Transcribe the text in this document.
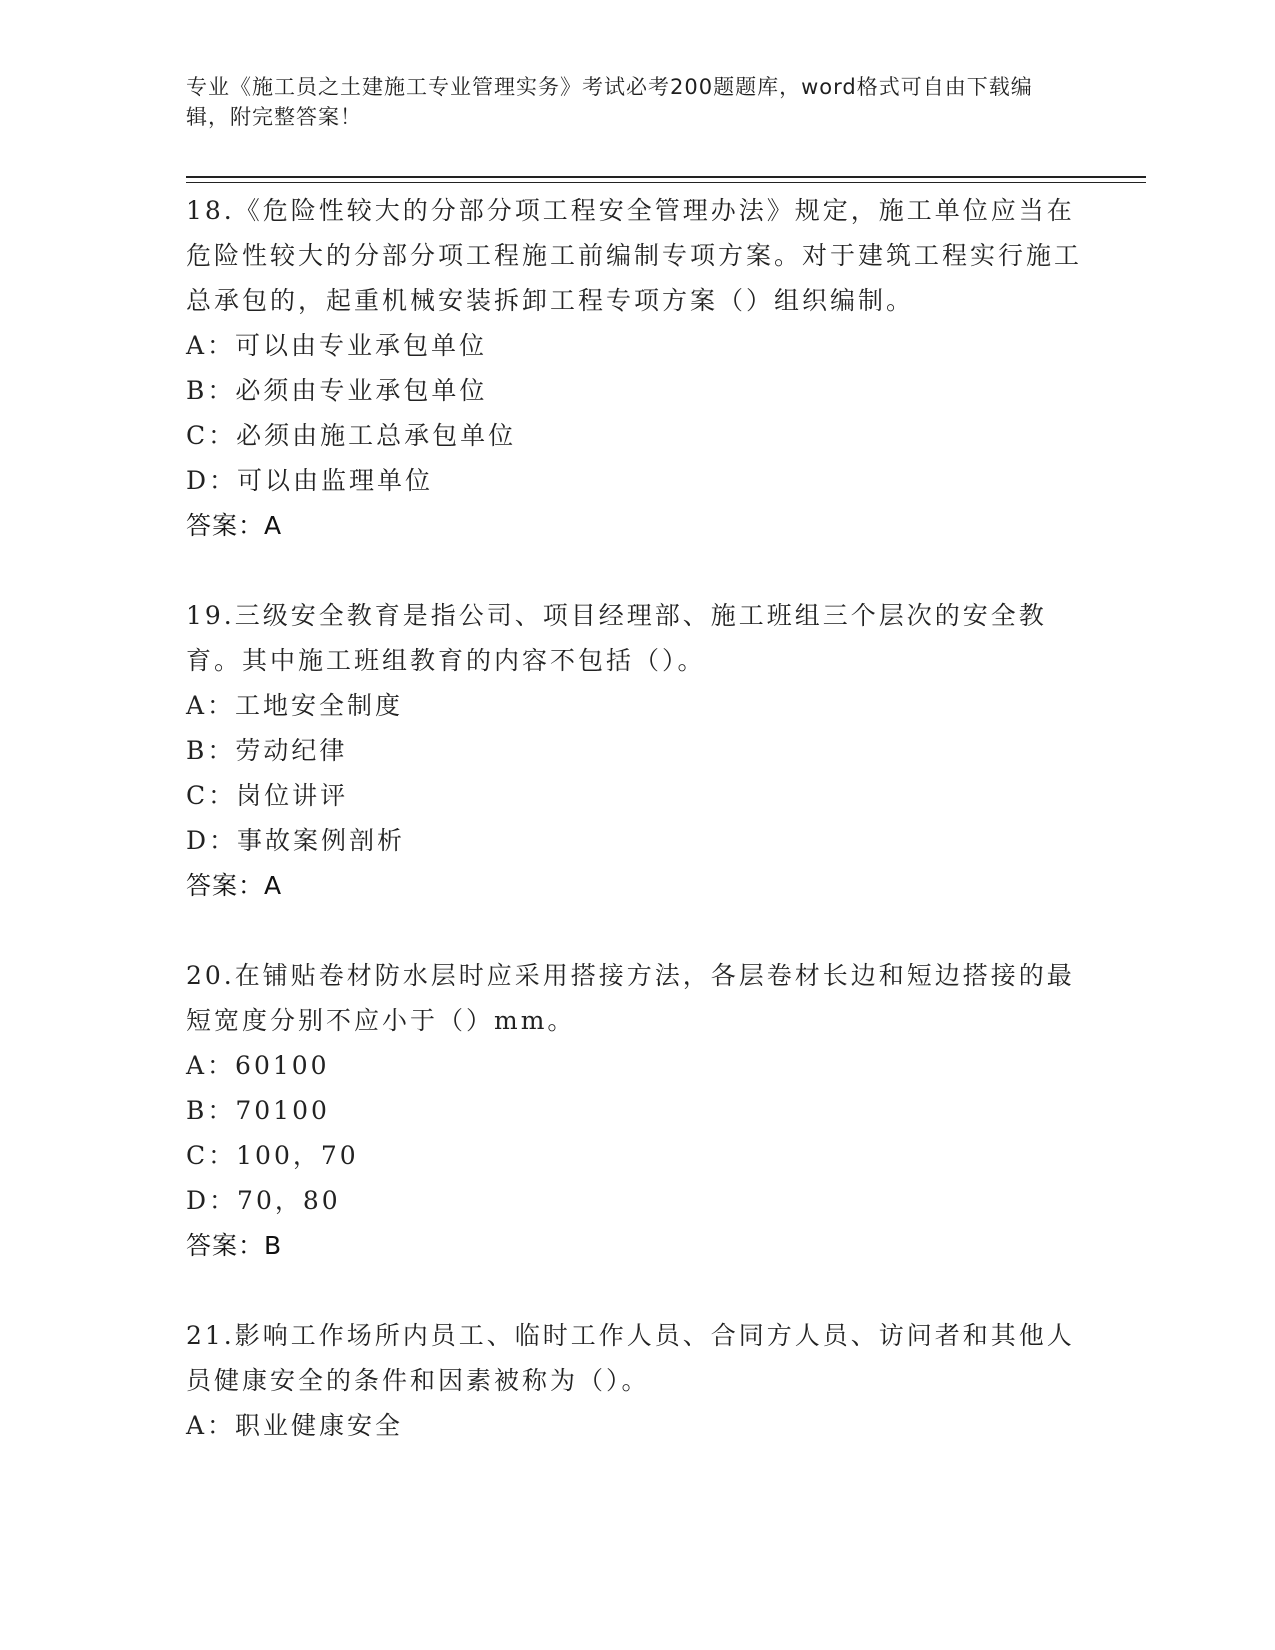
专业《施工员之土建施工专业管理实务》考试必考200题题库，word格式可自由下载编辑，附完整答案！

18.《危险性较大的分部分项工程安全管理办法》规定，施工单位应当在危险性较大的分部分项工程施工前编制专项方案。对于建筑工程实行施工总承包的，起重机械安装拆卸工程专项方案（）组织编制。

A：可以由专业承包单位

B：必须由专业承包单位

C：必须由施工总承包单位

D：可以由监理单位

答案：A

19.三级安全教育是指公司、项目经理部、施工班组三个层次的安全教育。其中施工班组教育的内容不包括（）。

A：工地安全制度

B：劳动纪律

C：岗位讲评

D：事故案例剖析

答案：A

20.在铺贴卷材防水层时应采用搭接方法，各层卷材长边和短边搭接的最短宽度分别不应小于（）mm。

A：60100

B：70100

C：100，70

D：70，80

答案：B

21.影响工作场所内员工、临时工作人员、合同方人员、访问者和其他人员健康安全的条件和因素被称为（）。

A：职业健康安全
